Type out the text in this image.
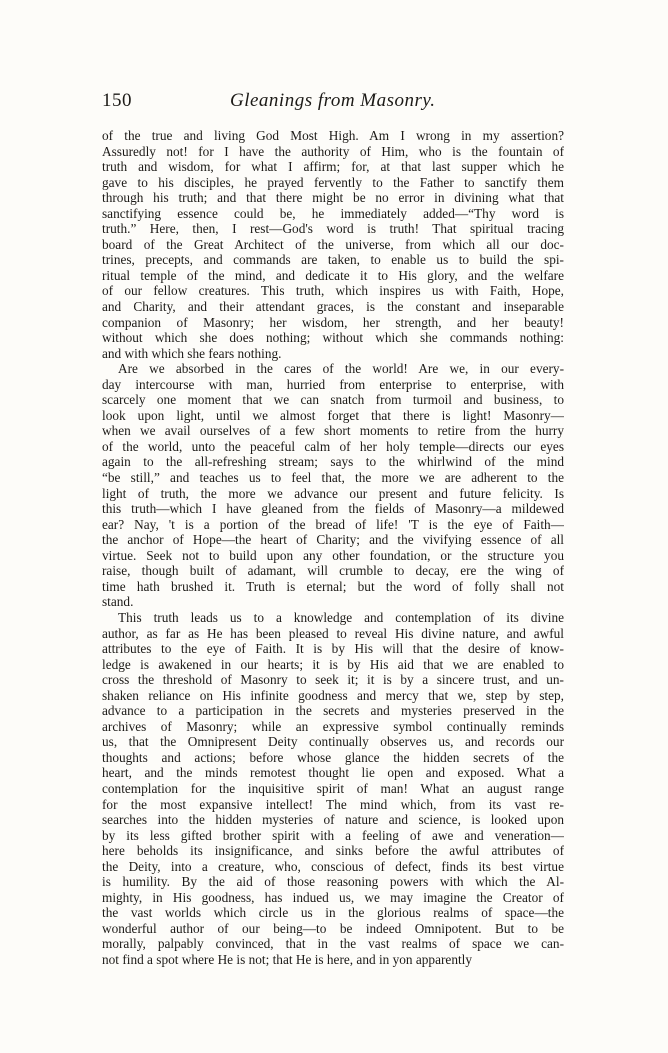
150	Gleanings from Masonry.

of the true and living God Most High. Am I wrong in my assertion?
Assuredly not! for I have the authority of Him, who is the fountain of
truth and wisdom, for what I affirm; for, at that last supper which he
gave to his disciples, he prayed fervently to the Father to sanctify them
through his truth; and that there might be no error in divining what that
sanctifying essence could be, he immediately added—“Thy word is
truth.” Here, then, I rest—God's word is truth! That spiritual tracing
board of the Great Architect of the universe, from which all our doc-
trines, precepts, and commands are taken, to enable us to build the spi-
ritual temple of the mind, and dedicate it to His glory, and the welfare
of our fellow creatures. This truth, which inspires us with Faith, Hope,
and Charity, and their attendant graces, is the constant and inseparable
companion of Masonry; her wisdom, her strength, and her beauty!
without which she does nothing; without which she commands nothing:
and with which she fears nothing.

Are we absorbed in the cares of the world! Are we, in our every-
day intercourse with man, hurried from enterprise to enterprise, with
scarcely one moment that we can snatch from turmoil and business, to
look upon light, until we almost forget that there is light! Masonry—
when we avail ourselves of a few short moments to retire from the hurry
of the world, unto the peaceful calm of her holy temple—directs our eyes
again to the all-refreshing stream; says to the whirlwind of the mind
“be still,” and teaches us to feel that, the more we are adherent to the
light of truth, the more we advance our present and future felicity. Is
this truth—which I have gleaned from the fields of Masonry—a mildewed
ear? Nay, 't is a portion of the bread of life! 'T is the eye of Faith—
the anchor of Hope—the heart of Charity; and the vivifying essence of all
virtue. Seek not to build upon any other foundation, or the structure you
raise, though built of adamant, will crumble to decay, ere the wing of
time hath brushed it. Truth is eternal; but the word of folly shall not
stand.

This truth leads us to a knowledge and contemplation of its divine
author, as far as He has been pleased to reveal His divine nature, and awful
attributes to the eye of Faith. It is by His will that the desire of know-
ledge is awakened in our hearts; it is by His aid that we are enabled to
cross the threshold of Masonry to seek it; it is by a sincere trust, and un-
shaken reliance on His infinite goodness and mercy that we, step by step,
advance to a participation in the secrets and mysteries preserved in the
archives of Masonry; while an expressive symbol continually reminds
us, that the Omnipresent Deity continually observes us, and records our
thoughts and actions; before whose glance the hidden secrets of the
heart, and the minds remotest thought lie open and exposed. What a
contemplation for the inquisitive spirit of man! What an august range
for the most expansive intellect! The mind which, from its vast re-
searches into the hidden mysteries of nature and science, is looked upon
by its less gifted brother spirit with a feeling of awe and veneration—
here beholds its insignificance, and sinks before the awful attributes of
the Deity, into a creature, who, conscious of defect, finds its best virtue
is humility. By the aid of those reasoning powers with which the Al-
mighty, in His goodness, has indued us, we may imagine the Creator of
the vast worlds which circle us in the glorious realms of space—the
wonderful author of our being—to be indeed Omnipotent. But to be
morally, palpably convinced, that in the vast realms of space we can-
not find a spot where He is not; that He is here, and in yon apparently
